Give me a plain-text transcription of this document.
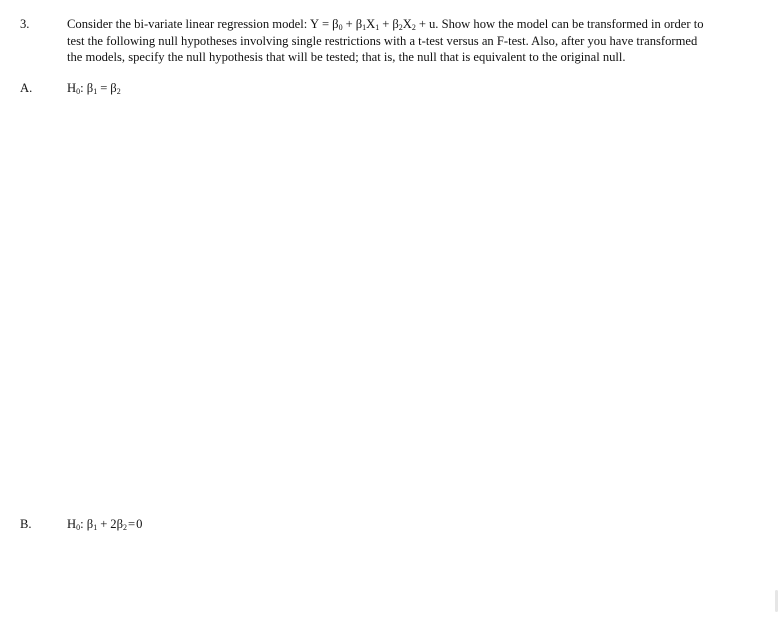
3.	Consider the bi-variate linear regression model: $Y = \beta_0 + \beta_1X_1 + \beta_2X_2 + u$. Show how the model can be transformed in order to
test the following null hypotheses involving single restrictions with a t-test versus an F-test. Also, after you have transformed
the models, specify the null hypothesis that will be tested; that is, the null that is equivalent to the original null.
A.	$H_0$: $\beta_1 = \beta_2$
B.	$H_0$: $\beta_1 + 2\beta_2=0$
